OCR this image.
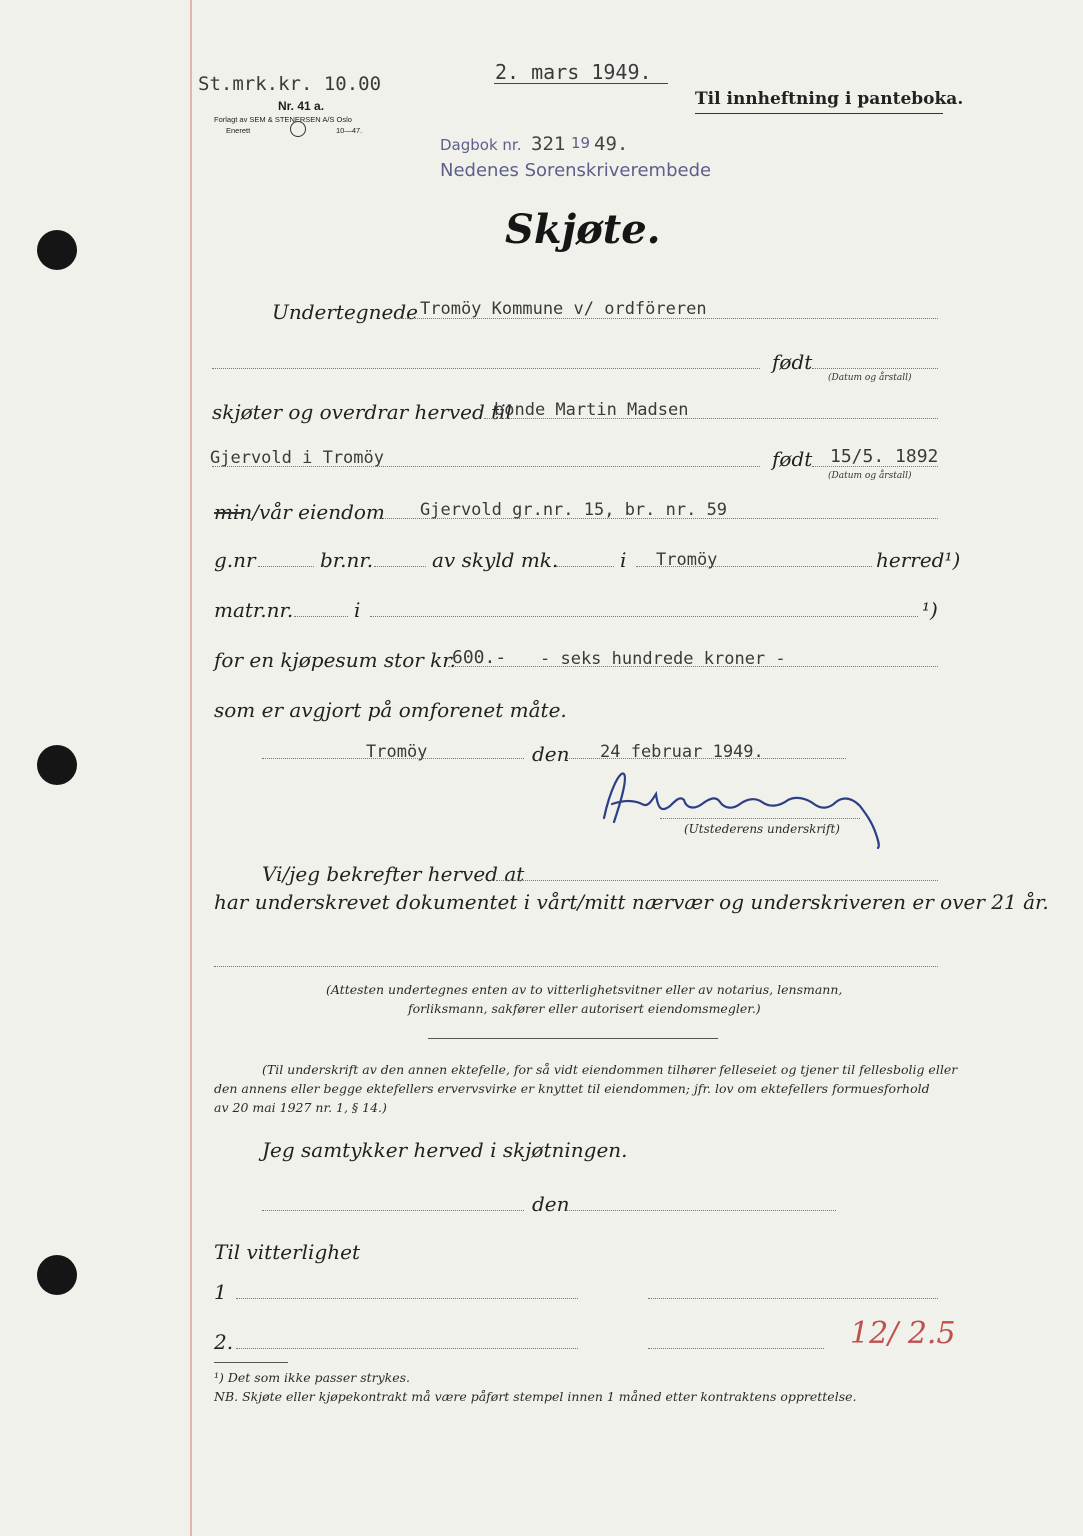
St.mrk.kr. 10.00
Nr. 41 a.
Forlagt av SEM & STENERSEN A/S Oslo
Enerett	10—47.
2. mars 1949.
Til innheftning i panteboka.
Dagbok nr. 321 19 49.
Nedenes Sorenskriverembede
Skjøte.
Undertegnede Tromöy Kommune v/ ordföreren
født
(Datum og årstall)
skjøter og overdrar herved til
bonde Martin Madsen
Gjervold i Tromöy	født 15/5. 1892
(Datum og årstall)
min/vår eiendom Gjervold gr.nr. 15, br. nr. 59
g.nr	br.nr.	av skyld mk.	i Tromöy	herred¹)
matr.nr.	i	¹)
for en kjøpesum stor kr.
600.- - seks hundrede kroner -
som er avgjort på omforenet måte.
Tromöy	den 24 februar 1949.
(Utstederens underskrift)
Vi/jeg bekrefter herved at
har underskrevet dokumentet i vårt/mitt nærvær og underskriveren er over 21 år.
(Attesten undertegnes enten av to vitterlighetsvitner eller av notarius, lensmann,
forliksmann, sakfører eller autorisert eiendomsmegler.)
(Til underskrift av den annen ektefelle, for så vidt eiendommen tilhører felleseiet og tjener til fellesbolig eller
den annens eller begge ektefellers ervervsvirke er knyttet til eiendommen; jfr. lov om ektefellers formuesforhold
av 20 mai 1927 nr. 1, § 14.)
Jeg samtykker herved i skjøtningen.
den
Til vitterlighet
1
2.	12/ 2.5
¹) Det som ikke passer strykes.
NB. Skjøte eller kjøpekontrakt må være påført stempel innen 1 måned etter kontraktens opprettelse.
